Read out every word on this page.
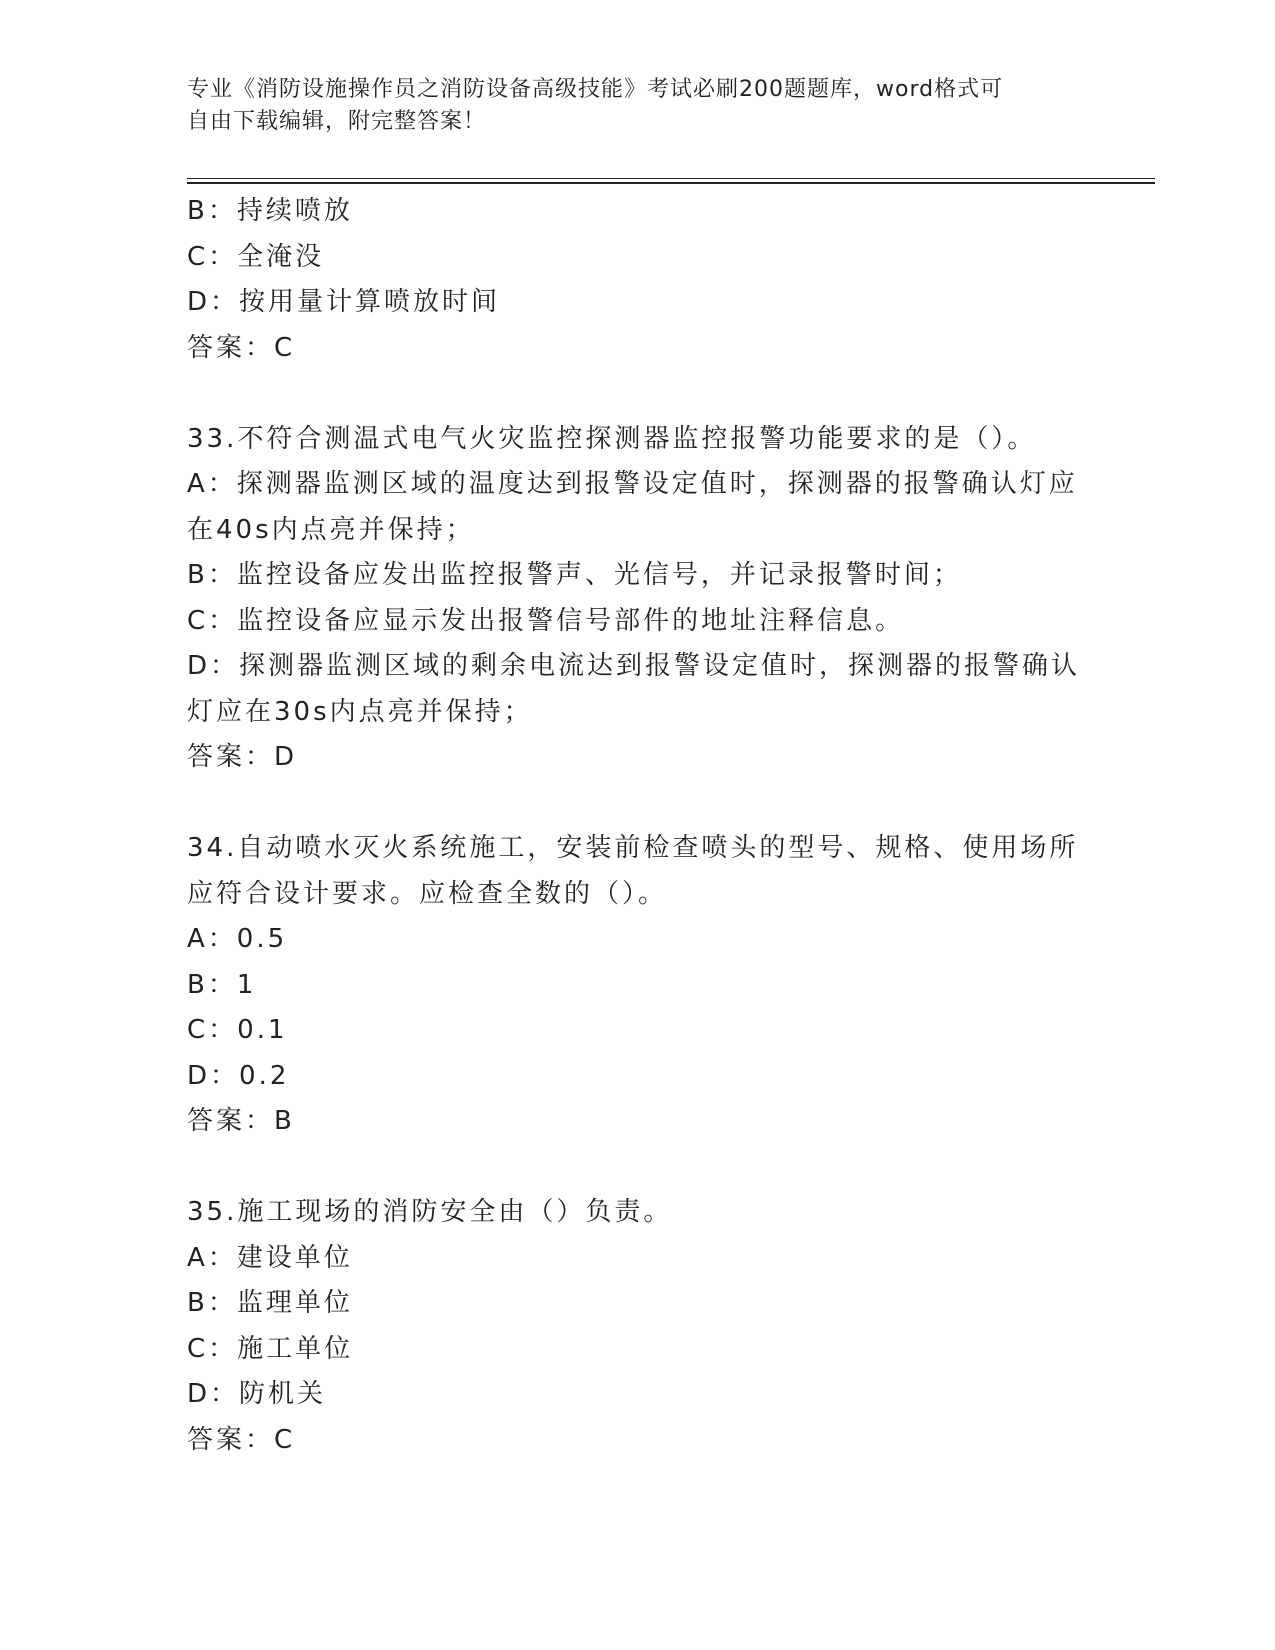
专业《消防设施操作员之消防设备高级技能》考试必刷200题题库，word格式可
自由下载编辑，附完整答案！
B：持续喷放
C：全淹没
D：按用量计算喷放时间
答案：C
33.不符合测温式电气火灾监控探测器监控报警功能要求的是（）。
A：探测器监测区域的温度达到报警设定值时，探测器的报警确认灯应
在40s内点亮并保持；
B：监控设备应发出监控报警声、光信号，并记录报警时间；
C：监控设备应显示发出报警信号部件的地址注释信息。
D：探测器监测区域的剩余电流达到报警设定值时，探测器的报警确认
灯应在30s内点亮并保持；
答案：D
34.自动喷水灭火系统施工，安装前检查喷头的型号、规格、使用场所
应符合设计要求。应检查全数的（）。
A：0.5
B：1
C：0.1
D：0.2
答案：B
35.施工现场的消防安全由（）负责。
A：建设单位
B：监理单位
C：施工单位
D：防机关
答案：C
